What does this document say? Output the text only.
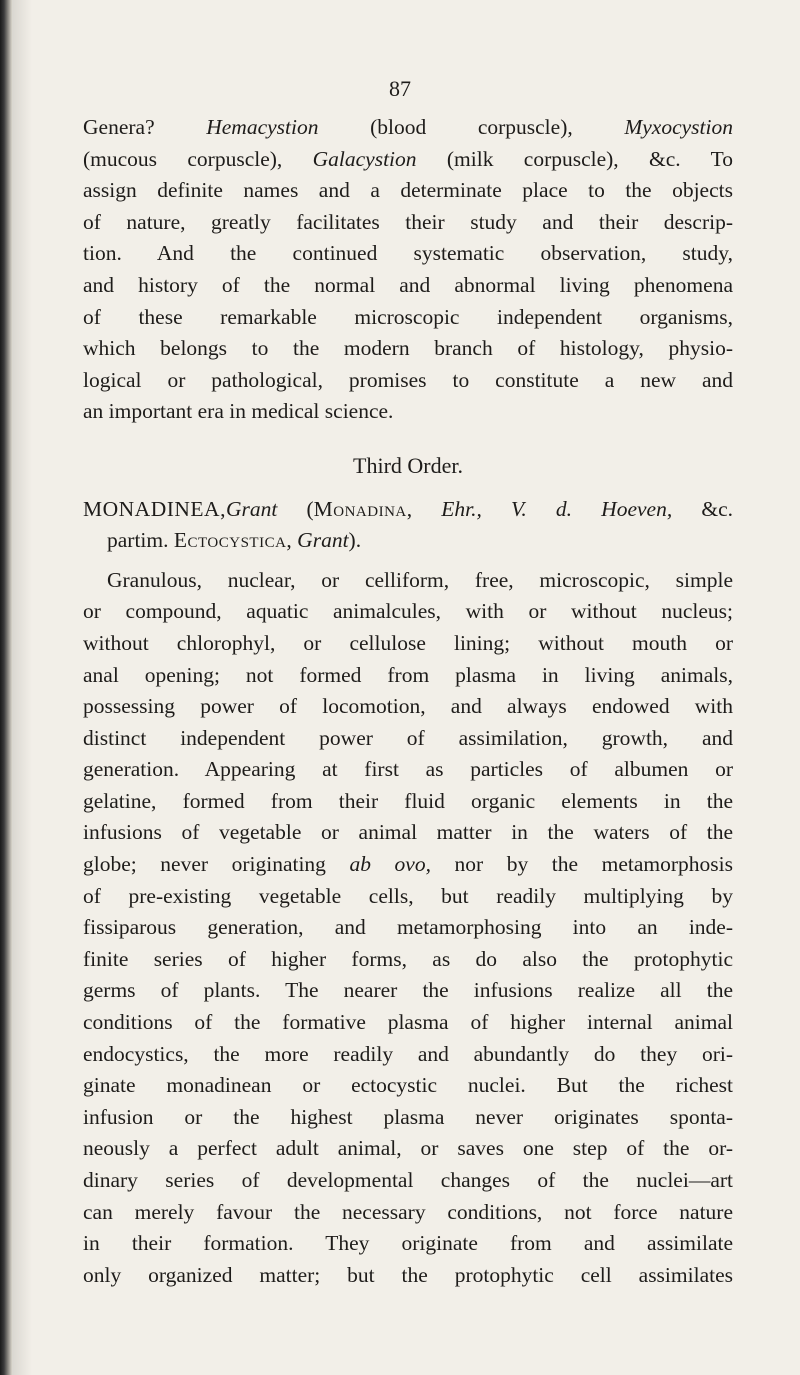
87
Genera? Hemacystion (blood corpuscle), Myxocystion
(mucous corpuscle), Galacystion (milk corpuscle), &c. To
assign definite names and a determinate place to the objects
of nature, greatly facilitates their study and their descrip-
tion. And the continued systematic observation, study,
and history of the normal and abnormal living phenomena
of these remarkable microscopic independent organisms,
which belongs to the modern branch of histology, physio-
logical or pathological, promises to constitute a new and
an important era in medical science.
Third Order.
MONADINEA,Grant (Monadina, Ehr., V. d. Hoeven, &c.
partim. Ectocystica, Grant).
Granulous, nuclear, or celliform, free, microscopic, simple
or compound, aquatic animalcules, with or without nucleus;
without chlorophyl, or cellulose lining; without mouth or
anal opening; not formed from plasma in living animals,
possessing power of locomotion, and always endowed with
distinct independent power of assimilation, growth, and
generation. Appearing at first as particles of albumen or
gelatine, formed from their fluid organic elements in the
infusions of vegetable or animal matter in the waters of the
globe; never originating ab ovo, nor by the metamorphosis
of pre-existing vegetable cells, but readily multiplying by
fissiparous generation, and metamorphosing into an inde-
finite series of higher forms, as do also the protophytic
germs of plants. The nearer the infusions realize all the
conditions of the formative plasma of higher internal animal
endocystics, the more readily and abundantly do they ori-
ginate monadinean or ectocystic nuclei. But the richest
infusion or the highest plasma never originates sponta-
neously a perfect adult animal, or saves one step of the or-
dinary series of developmental changes of the nuclei—art
can merely favour the necessary conditions, not force nature
in their formation. They originate from and assimilate
only organized matter; but the protophytic cell assimilates
